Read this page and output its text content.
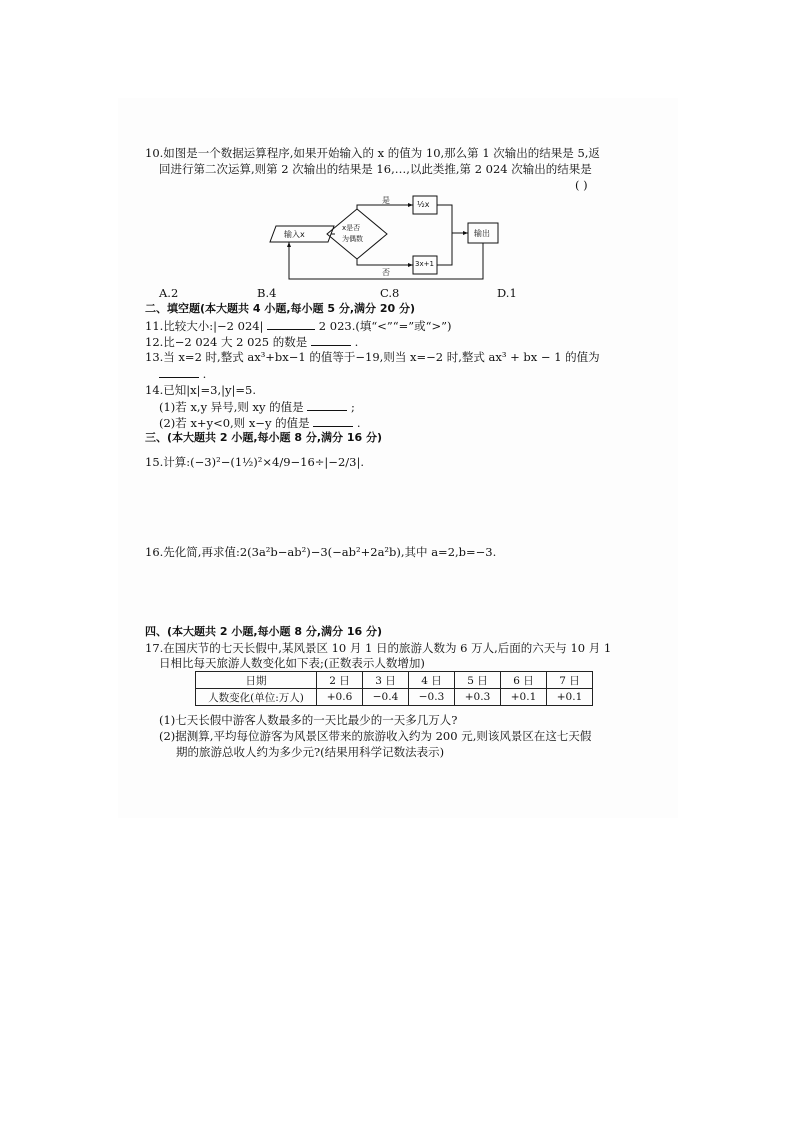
10.如图是一个数据运算程序,如果开始输入的 x 的值为 10,那么第 1 次输出的结果是 5,返
回进行第二次运算,则第 2 次输出的结果是 16,…,以此类推,第 2 024 次输出的结果是
( )
输入x
x是否
为偶数
是
否
½x
3x+1
输出
A.2	B.4	C.8	D.1
二、填空题(本大题共 4 小题,每小题 5 分,满分 20 分)
11.比较大小:|−2 024|	2 023.(填“<”“=”或“>”)
12.比−2 024 大 2 025 的数是	.
13.当 x=2 时,整式 ax³+bx−1 的值等于−19,则当 x=−2 时,整式 ax³ + bx − 1 的值为
.
14.已知|x|=3,|y|=5.
(1)若 x,y 异号,则 xy 的值是	;
(2)若 x+y<0,则 x−y 的值是	.
三、(本大题共 2 小题,每小题 8 分,满分 16 分)
15.计算:(−3)²−(1½)²×4/9−16÷|−2/3|.
16.先化简,再求值:2(3a²b−ab²)−3(−ab²+2a²b),其中 a=2,b=−3.
四、(本大题共 2 小题,每小题 8 分,满分 16 分)
17.在国庆节的七天长假中,某风景区 10 月 1 日的旅游人数为 6 万人,后面的六天与 10 月 1
日相比每天旅游人数变化如下表;(正数表示人数增加)
日期	2 日	3 日	4 日	5 日	6 日	7 日
人数变化(单位:万人)	+0.6	−0.4	−0.3	+0.3	+0.1	+0.1
(1)七天长假中游客人数最多的一天比最少的一天多几万人?
(2)据测算,平均每位游客为风景区带来的旅游收入约为 200 元,则该风景区在这七天假
期的旅游总收人约为多少元?(结果用科学记数法表示)
